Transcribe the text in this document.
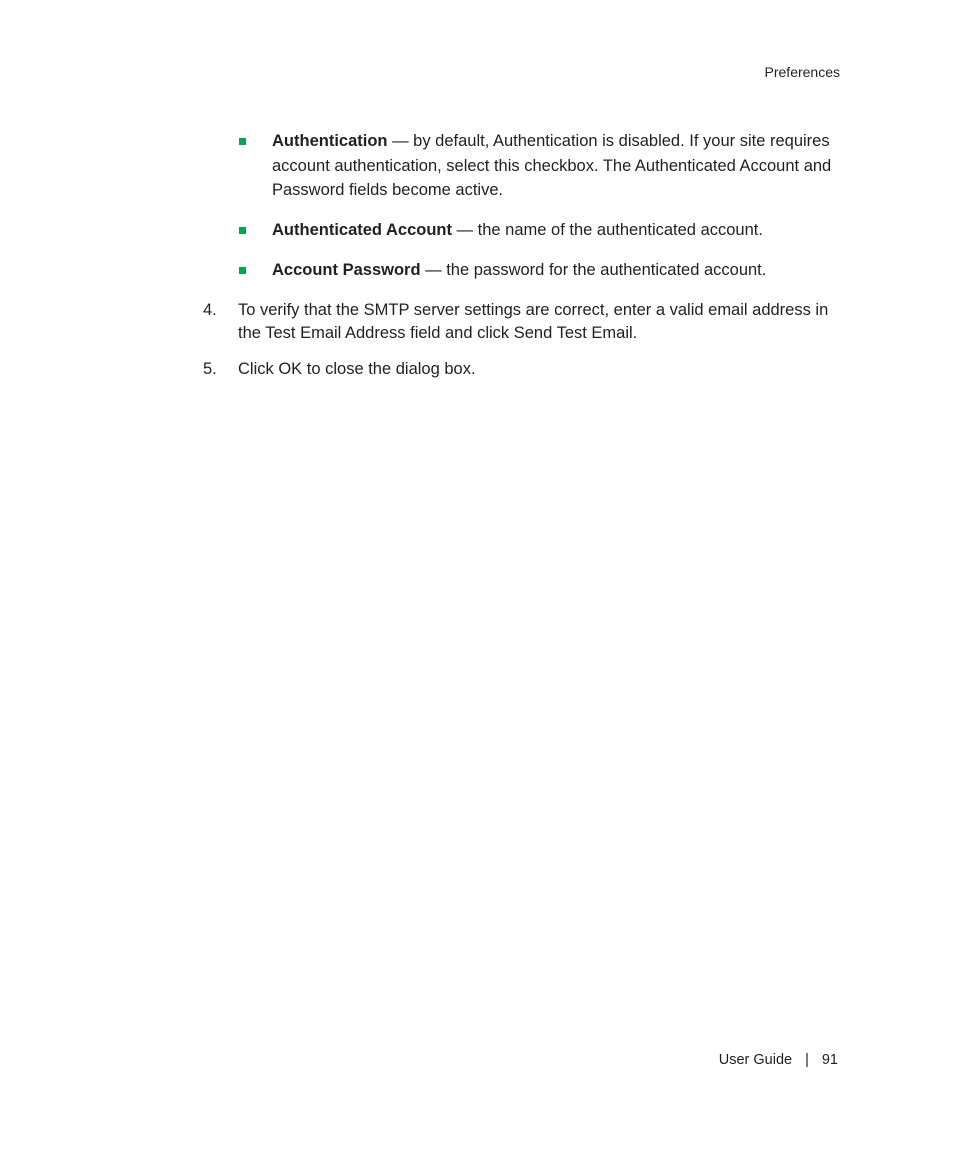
Preferences
Authentication — by default, Authentication is disabled. If your site requires account authentication, select this checkbox. The Authenticated Account and Password fields become active.
Authenticated Account — the name of the authenticated account.
Account Password — the password for the authenticated account.
4. To verify that the SMTP server settings are correct, enter a valid email address in the Test Email Address field and click Send Test Email.
5. Click OK to close the dialog box.
User Guide | 91
